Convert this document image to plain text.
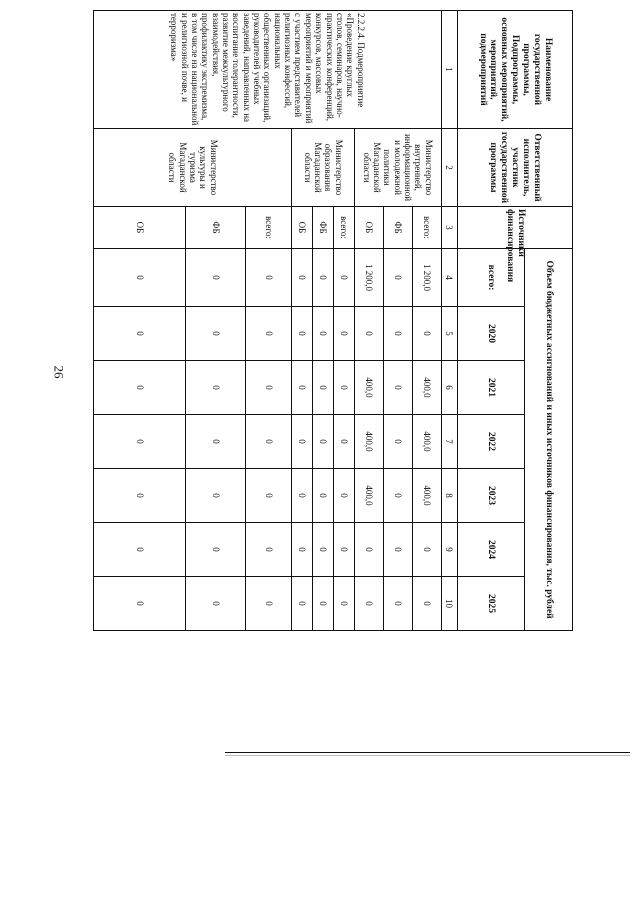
26
Наименование государственной программы, Подпрограммы, основных мероприятий, мероприятий, подмероприятий	Ответственный исполнитель, участник государственной программы	Источники финансирования	Объем бюджетных ассигнований и иных источников финансирования, тыс. рублей						
			всего:	2020	2021	2022	2023	2024	2025
1	2	3	4	5	6	7	8	9	10
2.2.2.4. Подмероприятие «Проведение круглых столов, семинаров, научно-практических конференций, конкурсов, массовых мероприятий и мероприятий с участием представителей религиозных конфессий, национальных общественных организаций, руководителей учебных заведений, направленных на воспитание толерантности, развитие межкультурного взаимодействия, профилактику экстремизма, в том числе на национальной и религиозной почве, и терроризма»	Министерство внутренней, информационной и молодежной политики Магаданской области	всего:	1 200,0	0	400,0	400,0	400,0	0	0
		ФБ	0	0	0	0	0	0	0
		ОБ	1 200,0	0	400,0	400,0	400,0	0	0
	Министерство образования Магаданской области	всего:	0	0	0	0	0	0	0
		ФБ	0	0	0	0	0	0	0
		ОБ	0	0	0	0	0	0	0
	Министерство культуры и туризма Магаданской области	всего:	0	0	0	0	0	0	0
		ФБ	0	0	0	0	0	0	0
		ОБ	0	0	0	0	0	0	0
